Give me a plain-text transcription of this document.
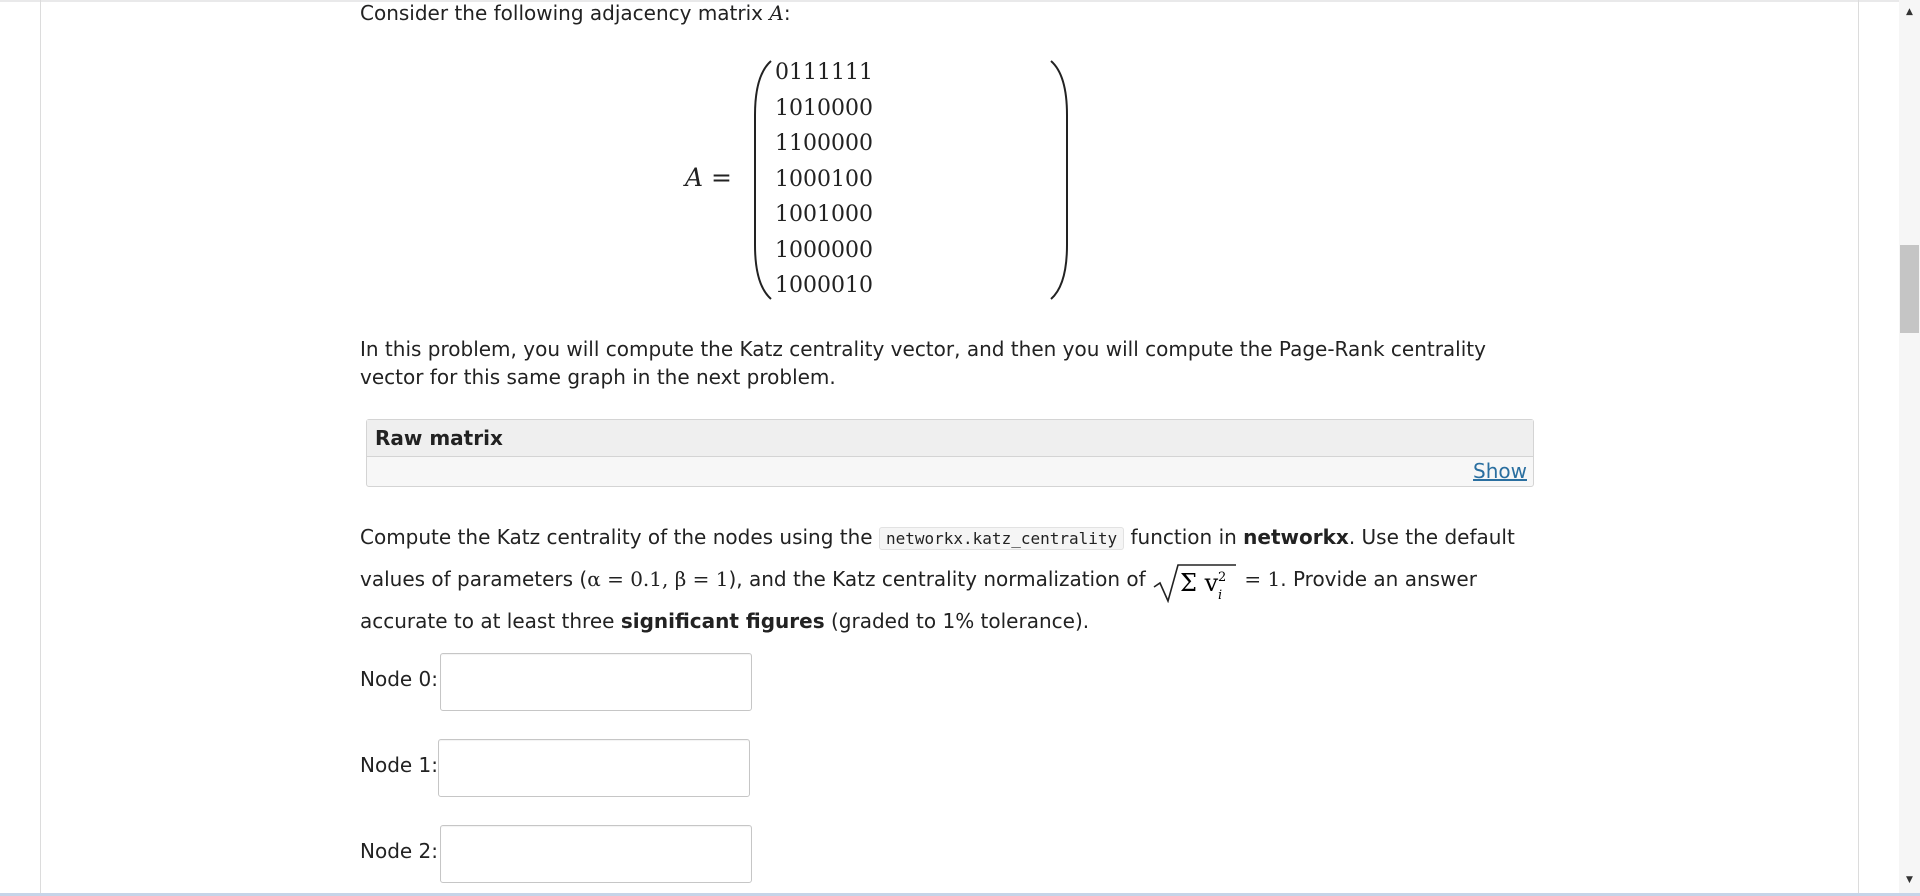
▲
▼
Consider the following adjacency matrix A:
A =
0	1	1	1	1	1	1
1	0	1	0	0	0	0
1	1	0	0	0	0	0
1	0	0	0	1	0	0
1	0	0	1	0	0	0
1	0	0	0	0	0	0
1	0	0	0	0	1	0
In this problem, you will compute the Katz centrality vector, and then you will compute the Page-Rank centrality vector for this same graph in the next problem.
Raw matrix
Show
Compute the Katz centrality of the nodes using the networkx.katz_centrality function in networkx. Use the default values of parameters (α = 0.1, β = 1), and the Katz centrality normalization of Σ v 2
i
= 1. Provide an answer accurate to at least three significant figures (graded to 1% tolerance).
Node 0:
Node 1:
Node 2:
